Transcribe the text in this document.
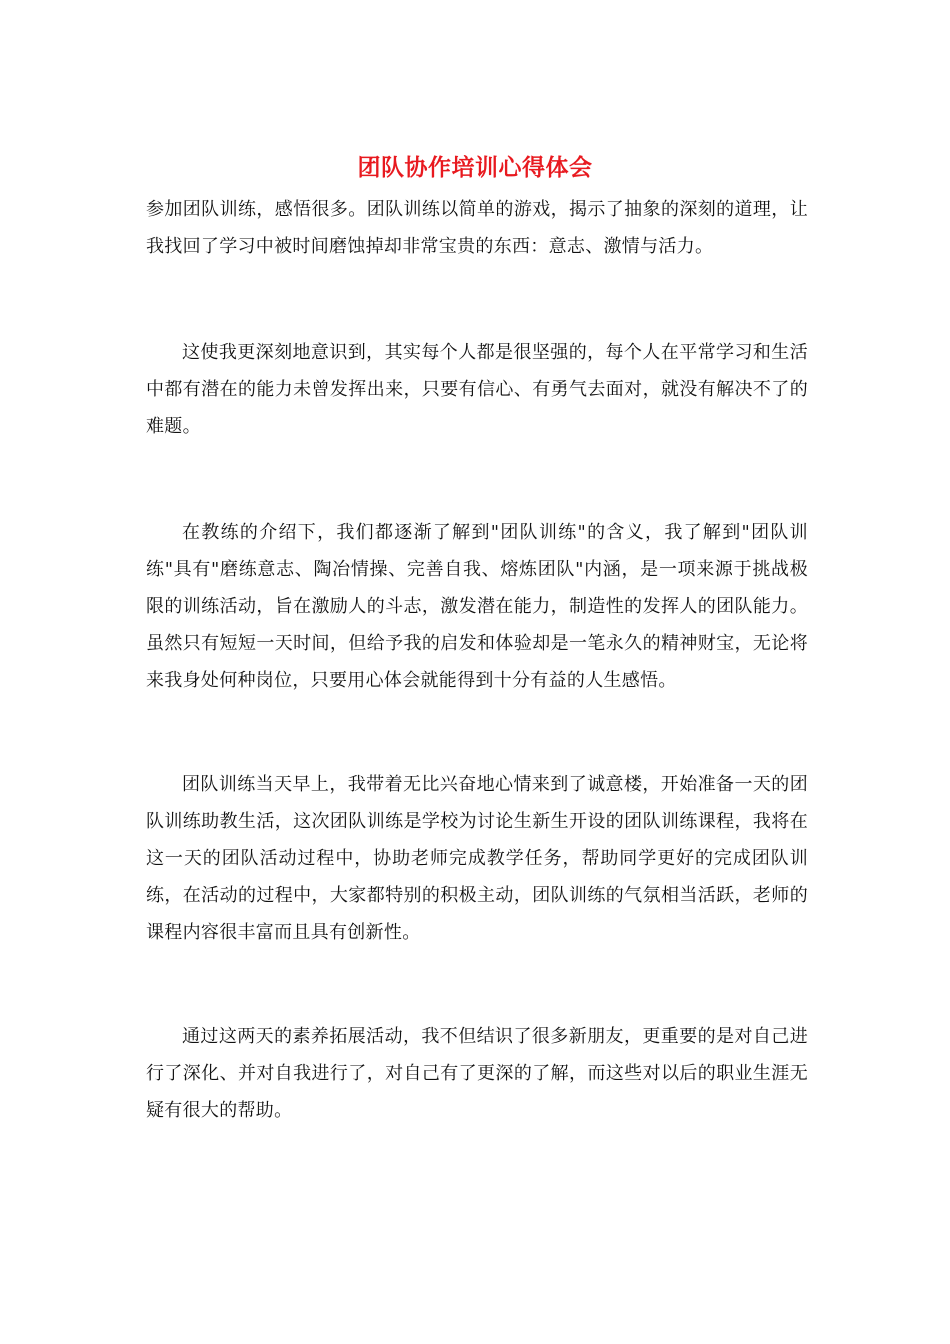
团队协作培训心得体会

参加团队训练，感悟很多。团队训练以简单的游戏，揭示了抽象的深刻的道理，让我找回了学习中被时间磨蚀掉却非常宝贵的东西：意志、激情与活力。

这使我更深刻地意识到，其实每个人都是很坚强的，每个人在平常学习和生活中都有潜在的能力未曾发挥出来，只要有信心、有勇气去面对，就没有解决不了的难题。

在教练的介绍下，我们都逐渐了解到"团队训练"的含义，我了解到"团队训练"具有"磨练意志、陶冶情操、完善自我、熔炼团队"内涵，是一项来源于挑战极限的训练活动，旨在激励人的斗志，激发潜在能力，制造性的发挥人的团队能力。虽然只有短短一天时间，但给予我的启发和体验却是一笔永久的精神财宝，无论将来我身处何种岗位，只要用心体会就能得到十分有益的人生感悟。

团队训练当天早上，我带着无比兴奋地心情来到了诚意楼，开始准备一天的团队训练助教生活，这次团队训练是学校为讨论生新生开设的团队训练课程，我将在这一天的团队活动过程中，协助老师完成教学任务，帮助同学更好的完成团队训练，在活动的过程中，大家都特别的积极主动，团队训练的气氛相当活跃，老师的课程内容很丰富而且具有创新性。

通过这两天的素养拓展活动，我不但结识了很多新朋友，更重要的是对自己进行了深化、并对自我进行了，对自己有了更深的了解，而这些对以后的职业生涯无疑有很大的帮助。
